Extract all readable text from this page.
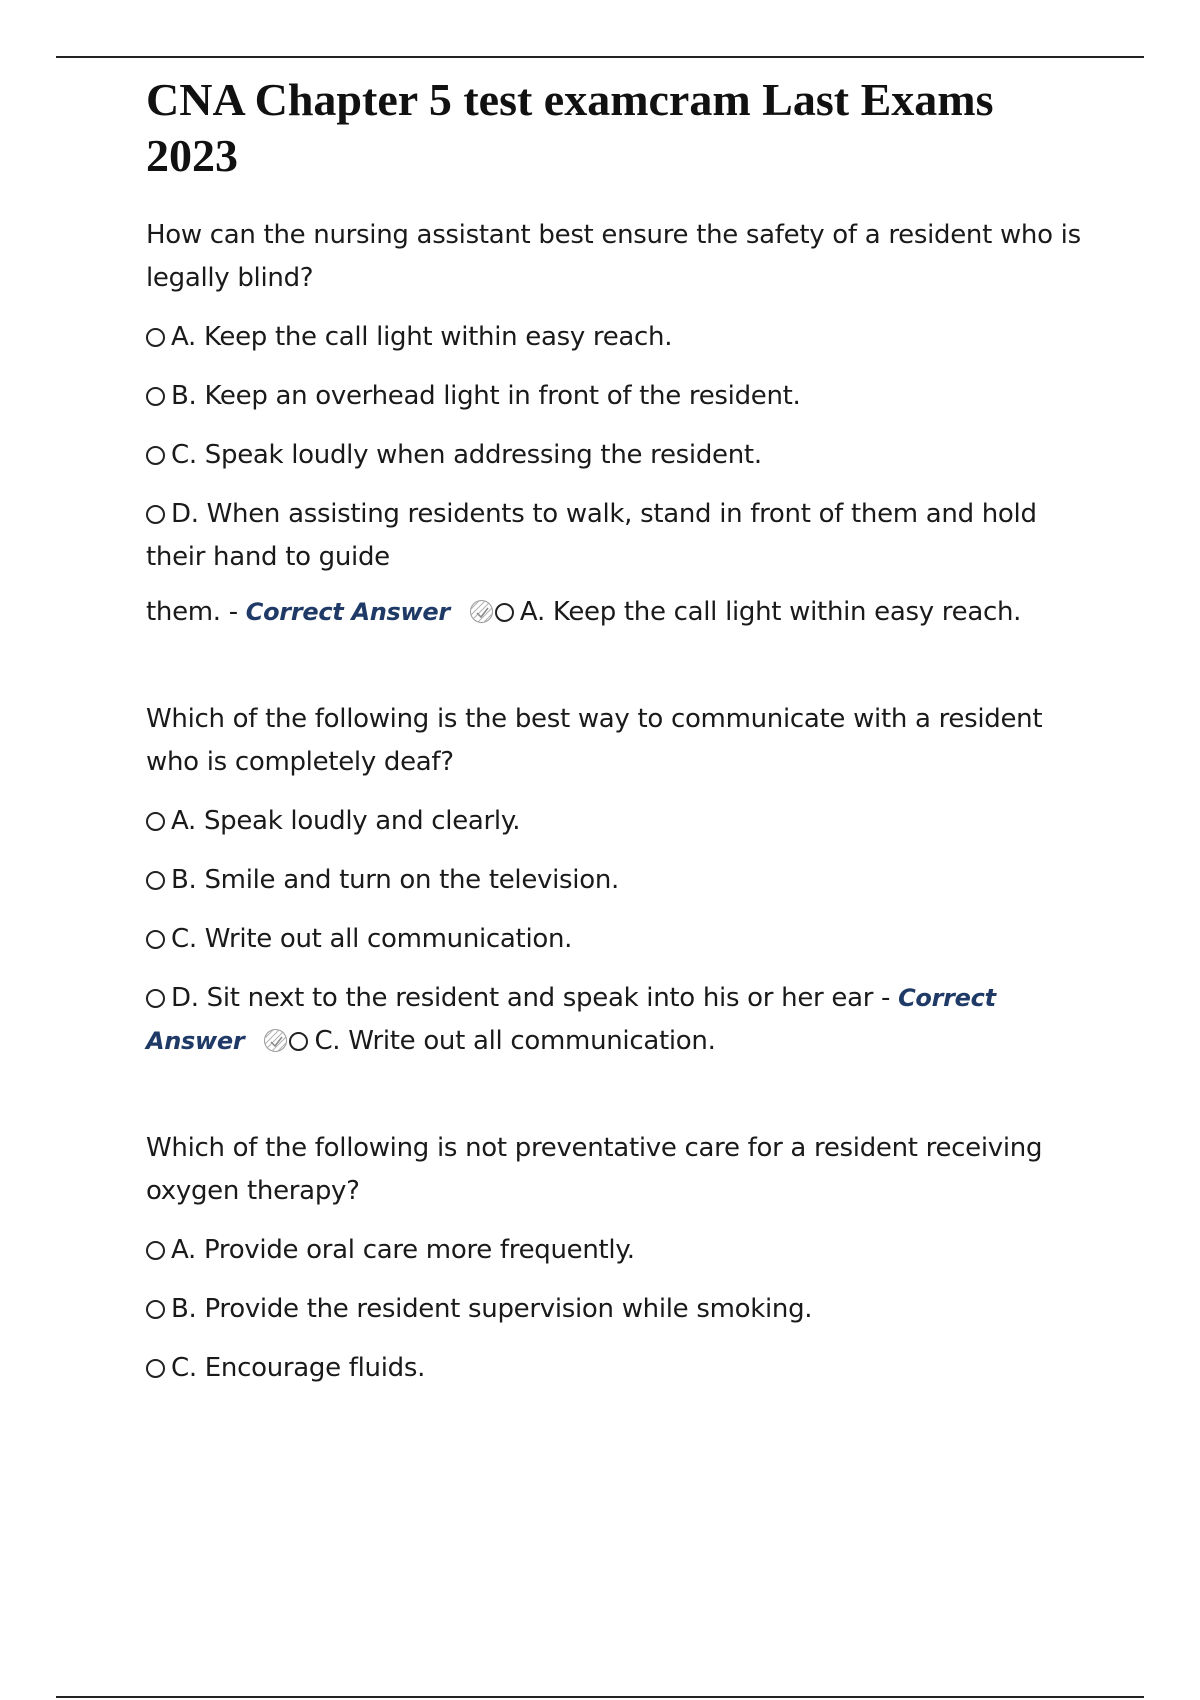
CNA Chapter 5 test examcram Last Exams 2023

How can the nursing assistant best ensure the safety of a resident who is legally blind?

A. Keep the call light within easy reach.

B. Keep an overhead light in front of the resident.

C. Speak loudly when addressing the resident.

D. When assisting residents to walk, stand in front of them and hold their hand to guide

them. - Correct Answer	A. Keep the call light within easy reach.

Which of the following is the best way to communicate with a resident who is completely deaf?

A. Speak loudly and clearly.

B. Smile and turn on the television.

C. Write out all communication.

D. Sit next to the resident and speak into his or her ear - Correct Answer	C. Write out all communication.

Which of the following is not preventative care for a resident receiving oxygen therapy?

A. Provide oral care more frequently.

B. Provide the resident supervision while smoking.

C. Encourage fluids.
